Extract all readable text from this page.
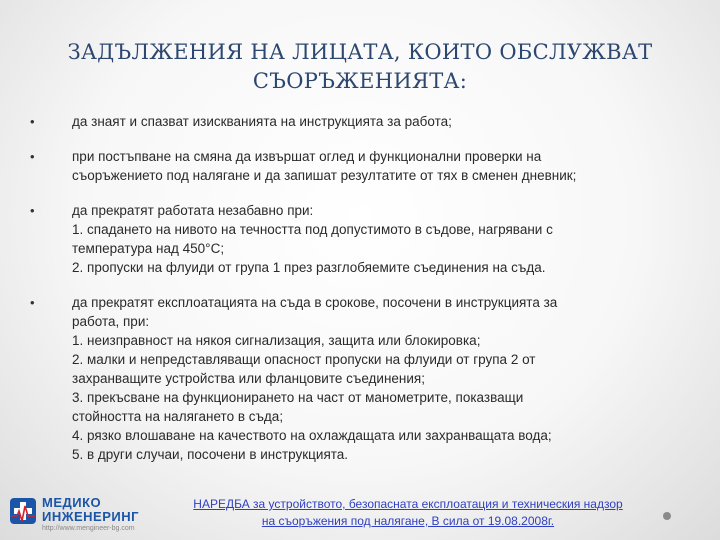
ЗАДЪЛЖЕНИЯ НА ЛИЦАТА, КОИТО ОБСЛУЖВАТ
СЪОРЪЖЕНИЯТА:
•	да знаят и спазват изискванията на инструкцията за работа;
•	при постъпване на смяна да извършат оглед и функционални проверки на
съоръжението под налягане и да запишат резултатите от тях в сменен дневник;
•	да прекратят работата незабавно при:
1. спадането на нивото на течността под допустимото в съдове, нагрявани с
температура над 450°С;
2. пропуски на флуиди от група 1 през разглобяемите съединения на съда.
•	да прекратят експлоатацията на съда в срокове, посочени в инструкцията за
работа, при:
1. неизправност на някоя сигнализация, защита или блокировка;
2. малки и непредставляващи опасност пропуски на флуиди от група 2 от
захранващите устройства или фланцовите съединения;
3. прекъсване на функционирането на част от манометрите, показващи
стойността на налягането в съда;
4. рязко влошаване на качеството на охлаждащата или захранващата вода;
5. в други случаи, посочени в инструкцията.
МЕДИКО
ИНЖЕНЕРИНГ
http://www.mengineer-bg.com
НАРЕДБА за устройството, безопасната експлоатация и техническия надзор
на съоръжения под налягане, В сила от 19.08.2008г.
